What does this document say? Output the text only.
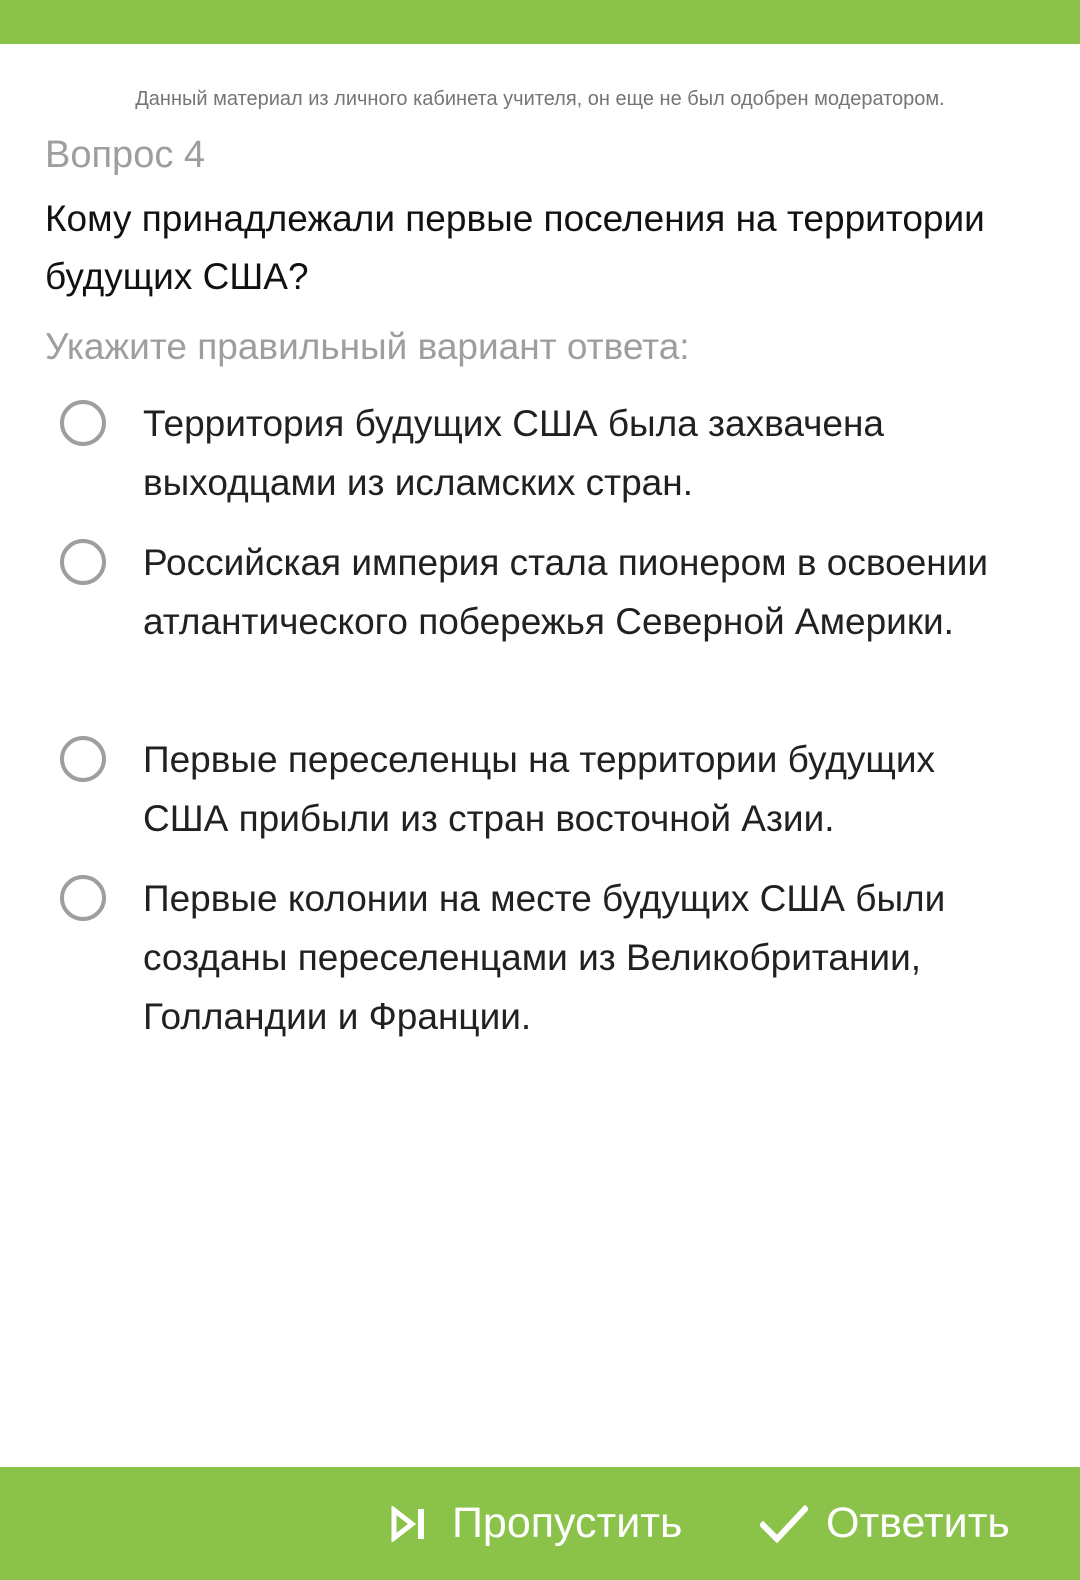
Данный материал из личного кабинета учителя, он еще не был одобрен модератором.
Вопрос 4
Кому принадлежали первые поселения на территории будущих США?
Укажите правильный вариант ответа:
Территория будущих США была захвачена выходцами из исламских стран.
Российская империя стала пионером в освоении атлантического побережья Северной Америки.
Первые переселенцы на территории будущих США прибыли из стран восточной Азии.
Первые колонии на месте будущих США были созданы переселенцами из Великобритании, Голландии и Франции.
Пропустить	Ответить
